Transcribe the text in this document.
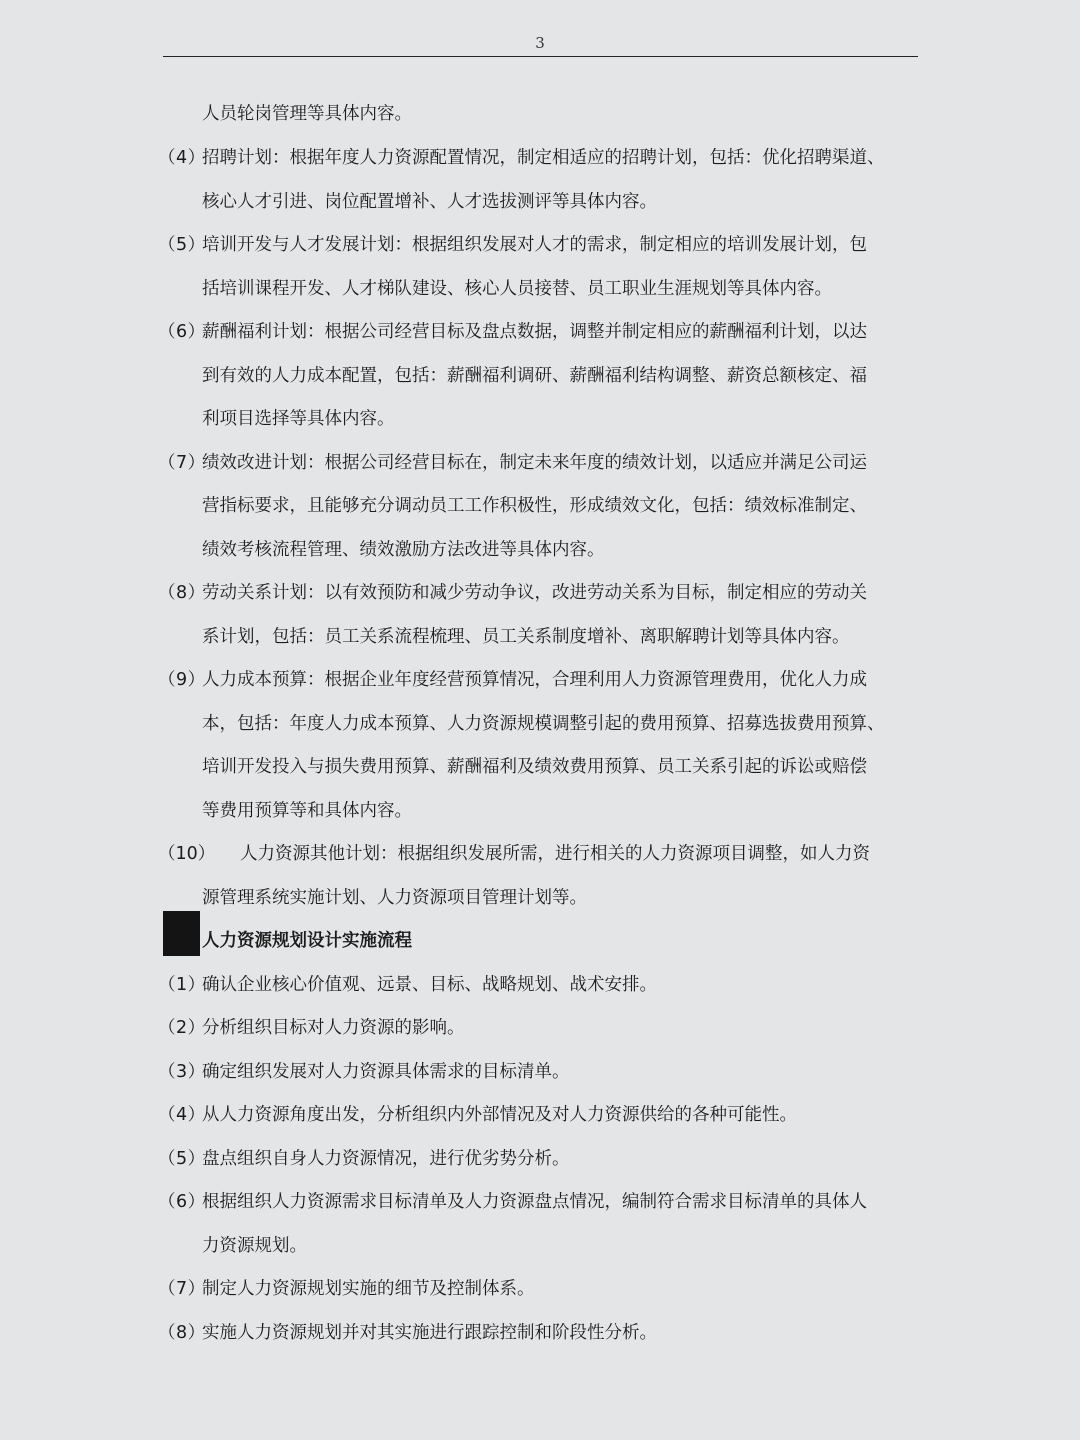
3
人员轮岗管理等具体内容。
（4）
招聘计划：根据年度人力资源配置情况，制定相适应的招聘计划，包括：优化招聘渠道、
核心人才引进、岗位配置增补、人才选拔测评等具体内容。
（5）
培训开发与人才发展计划：根据组织发展对人才的需求，制定相应的培训发展计划，包
括培训课程开发、人才梯队建设、核心人员接替、员工职业生涯规划等具体内容。
（6）
薪酬福利计划：根据公司经营目标及盘点数据，调整并制定相应的薪酬福利计划，以达
到有效的人力成本配置，包括：薪酬福利调研、薪酬福利结构调整、薪资总额核定、福
利项目选择等具体内容。
（7）
绩效改进计划：根据公司经营目标在，制定未来年度的绩效计划，以适应并满足公司运
营指标要求，且能够充分调动员工工作积极性，形成绩效文化，包括：绩效标准制定、
绩效考核流程管理、绩效激励方法改进等具体内容。
（8）
劳动关系计划：以有效预防和减少劳动争议，改进劳动关系为目标，制定相应的劳动关
系计划，包括：员工关系流程梳理、员工关系制度增补、离职解聘计划等具体内容。
（9）
人力成本预算：根据企业年度经营预算情况，合理利用人力资源管理费用，优化人力成
本，包括：年度人力成本预算、人力资源规模调整引起的费用预算、招募选拔费用预算、
培训开发投入与损失费用预算、薪酬福利及绩效费用预算、员工关系引起的诉讼或赔偿
等费用预算等和具体内容。
（10） 人力资源其他计划：根据组织发展所需，进行相关的人力资源项目调整，如人力资
源管理系统实施计划、人力资源项目管理计划等。
人力资源规划设计实施流程
（1）
确认企业核心价值观、远景、目标、战略规划、战术安排。
（2）
分析组织目标对人力资源的影响。
（3）
确定组织发展对人力资源具体需求的目标清单。
（4）
从人力资源角度出发，分析组织内外部情况及对人力资源供给的各种可能性。
（5）
盘点组织自身人力资源情况，进行优劣势分析。
（6）
根据组织人力资源需求目标清单及人力资源盘点情况，编制符合需求目标清单的具体人
力资源规划。
（7）
制定人力资源规划实施的细节及控制体系。
（8）
实施人力资源规划并对其实施进行跟踪控制和阶段性分析。
